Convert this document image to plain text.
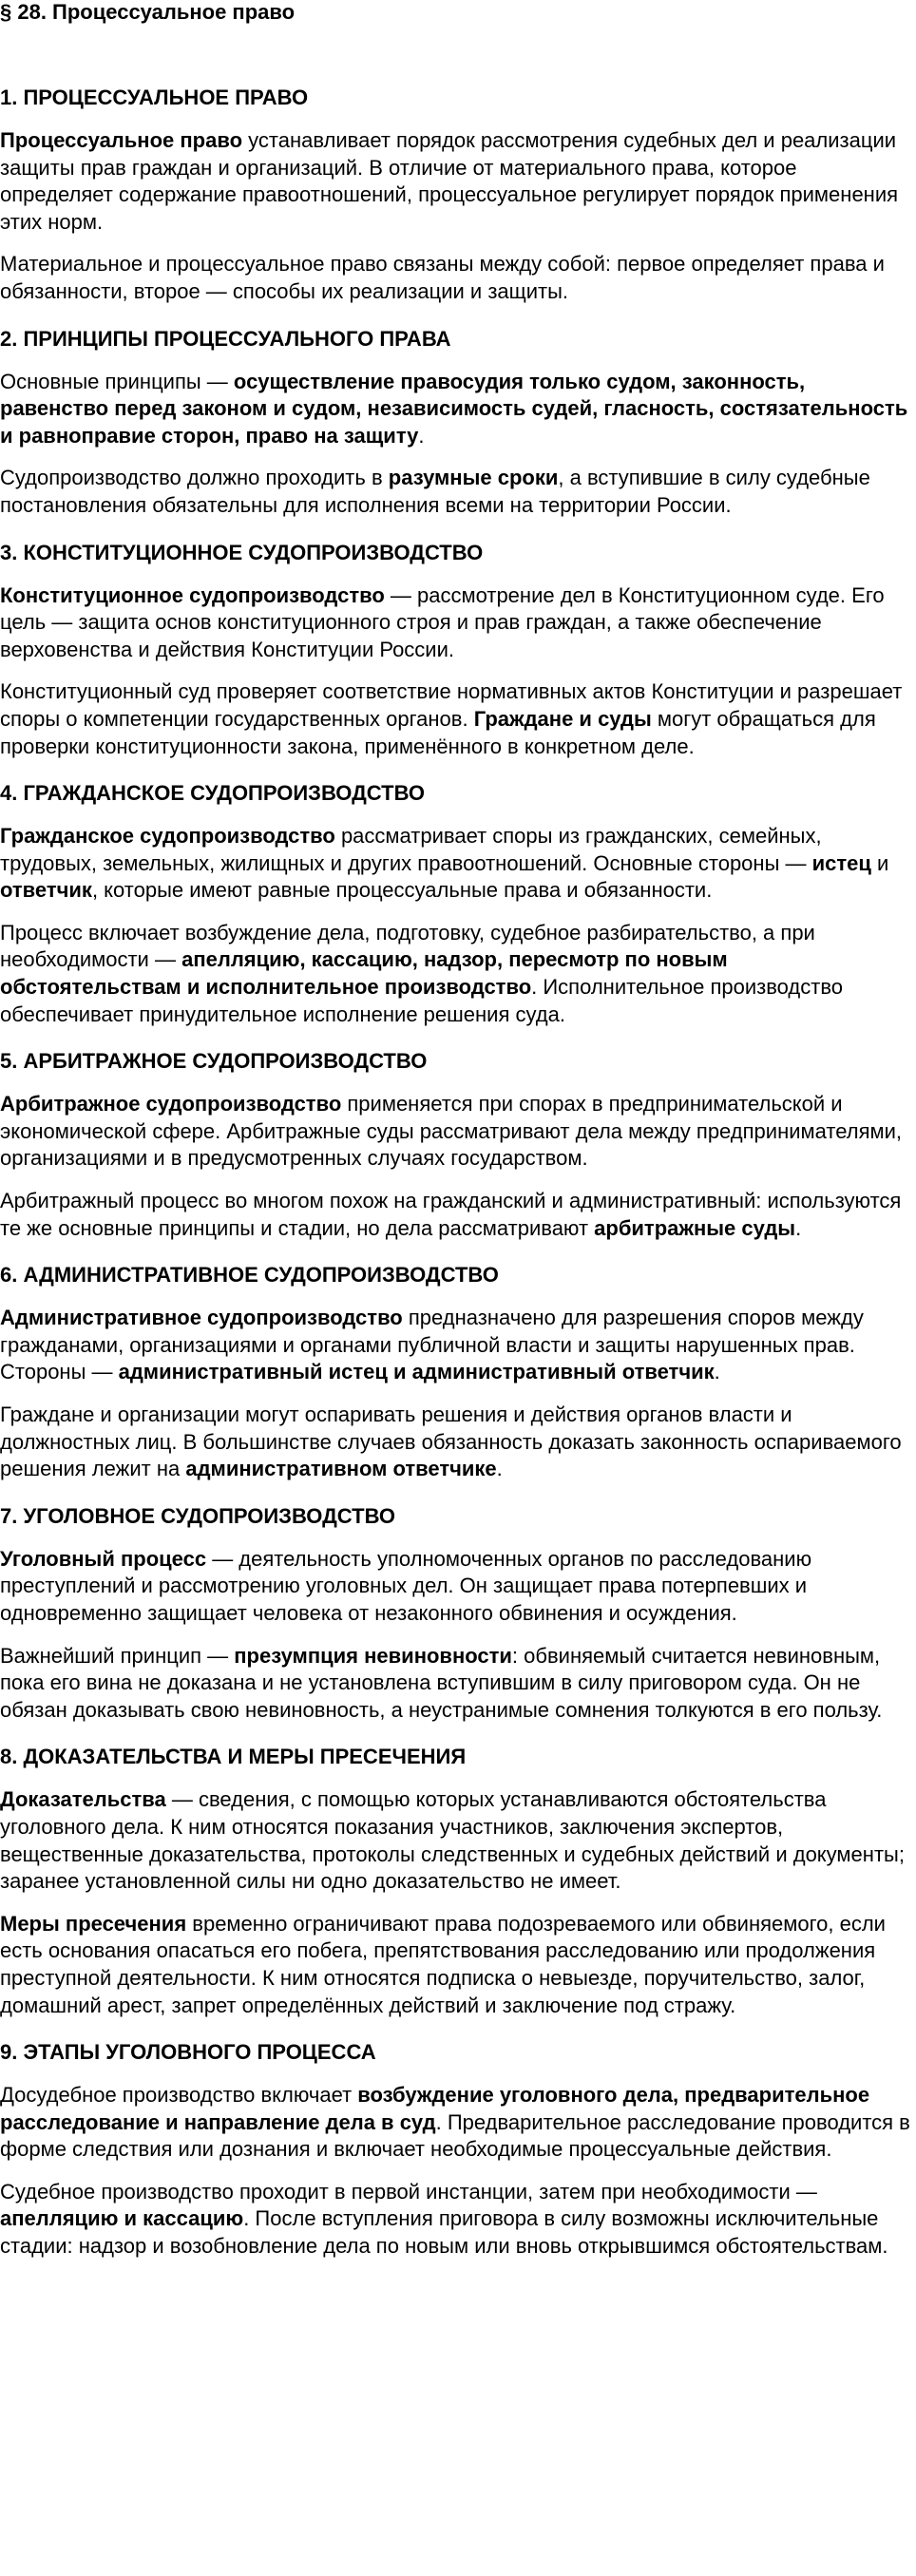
§ 28. Процессуальное право
1. ПРОЦЕССУАЛЬНОЕ ПРАВО

Процессуальное право устанавливает порядок рассмотрения судебных дел и реализации защиты прав граждан и организаций. В отличие от материального права, которое определяет содержание правоотношений, процессуальное регулирует порядок применения этих норм.

Материальное и процессуальное право связаны между собой: первое определяет права и обязанности, второе — способы их реализации и защиты.

2. ПРИНЦИПЫ ПРОЦЕССУАЛЬНОГО ПРАВА

Основные принципы — осуществление правосудия только судом, законность, равенство перед законом и судом, независимость судей, гласность, состязательность и равноправие сторон, право на защиту.

Судопроизводство должно проходить в разумные сроки, а вступившие в силу судебные постановления обязательны для исполнения всеми на территории России.

3. КОНСТИТУЦИОННОЕ СУДОПРОИЗВОДСТВО

Конституционное судопроизводство — рассмотрение дел в Конституционном суде. Его цель — защита основ конституционного строя и прав граждан, а также обеспечение верховенства и действия Конституции России.

Конституционный суд проверяет соответствие нормативных актов Конституции и разрешает споры о компетенции государственных органов. Граждане и суды могут обращаться для проверки конституционности закона, применённого в конкретном деле.

4. ГРАЖДАНСКОЕ СУДОПРОИЗВОДСТВО

Гражданское судопроизводство рассматривает споры из гражданских, семейных, трудовых, земельных, жилищных и других правоотношений. Основные стороны — истец и ответчик, которые имеют равные процессуальные права и обязанности.

Процесс включает возбуждение дела, подготовку, судебное разбирательство, а при необходимости — апелляцию, кассацию, надзор, пересмотр по новым обстоятельствам и исполнительное производство. Исполнительное производство обеспечивает принудительное исполнение решения суда.

5. АРБИТРАЖНОЕ СУДОПРОИЗВОДСТВО

Арбитражное судопроизводство применяется при спорах в предпринимательской и экономической сфере. Арбитражные суды рассматривают дела между предпринимателями, организациями и в предусмотренных случаях государством.

Арбитражный процесс во многом похож на гражданский и административный: используются те же основные принципы и стадии, но дела рассматривают арбитражные суды.

6. АДМИНИСТРАТИВНОЕ СУДОПРОИЗВОДСТВО

Административное судопроизводство предназначено для разрешения споров между гражданами, организациями и органами публичной власти и защиты нарушенных прав. Стороны — административный истец и административный ответчик.

Граждане и организации могут оспаривать решения и действия органов власти и должностных лиц. В большинстве случаев обязанность доказать законность оспариваемого решения лежит на административном ответчике.

7. УГОЛОВНОЕ СУДОПРОИЗВОДСТВО

Уголовный процесс — деятельность уполномоченных органов по расследованию преступлений и рассмотрению уголовных дел. Он защищает права потерпевших и одновременно защищает человека от незаконного обвинения и осуждения.

Важнейший принцип — презумпция невиновности: обвиняемый считается невиновным, пока его вина не доказана и не установлена вступившим в силу приговором суда. Он не обязан доказывать свою невиновность, а неустранимые сомнения толкуются в его пользу.

8. ДОКАЗАТЕЛЬСТВА И МЕРЫ ПРЕСЕЧЕНИЯ

Доказательства — сведения, с помощью которых устанавливаются обстоятельства уголовного дела. К ним относятся показания участников, заключения экспертов, вещественные доказательства, протоколы следственных и судебных действий и документы; заранее установленной силы ни одно доказательство не имеет.

Меры пресечения временно ограничивают права подозреваемого или обвиняемого, если есть основания опасаться его побега, препятствования расследованию или продолжения преступной деятельности. К ним относятся подписка о невыезде, поручительство, залог, домашний арест, запрет определённых действий и заключение под стражу.

9. ЭТАПЫ УГОЛОВНОГО ПРОЦЕССА

Досудебное производство включает возбуждение уголовного дела, предварительное расследование и направление дела в суд. Предварительное расследование проводится в форме следствия или дознания и включает необходимые процессуальные действия.

Судебное производство проходит в первой инстанции, затем при необходимости — апелляцию и кассацию. После вступления приговора в силу возможны исключительные стадии: надзор и возобновление дела по новым или вновь открывшимся обстоятельствам.
